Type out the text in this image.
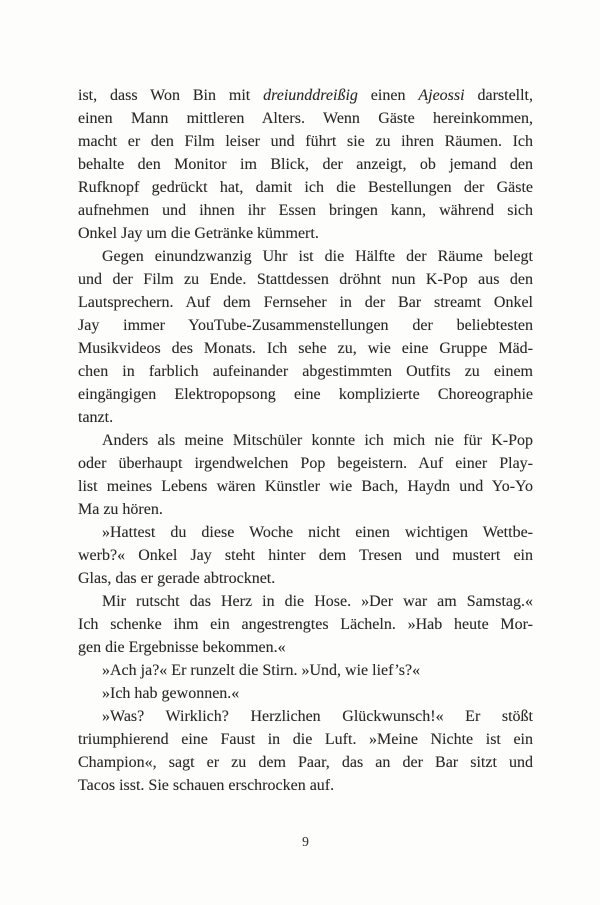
ist, dass Won Bin mit dreiunddreißig einen Ajeossi darstellt,
einen Mann mittleren Alters. Wenn Gäste hereinkommen,
macht er den Film leiser und führt sie zu ihren Räumen. Ich
behalte den Monitor im Blick, der anzeigt, ob jemand den
Rufknopf gedrückt hat, damit ich die Bestellungen der Gäste
aufnehmen und ihnen ihr Essen bringen kann, während sich
Onkel Jay um die Getränke kümmert.
Gegen einundzwanzig Uhr ist die Hälfte der Räume belegt
und der Film zu Ende. Stattdessen dröhnt nun K-Pop aus den
Lautsprechern. Auf dem Fernseher in der Bar streamt Onkel
Jay immer YouTube-Zusammenstellungen der beliebtesten
Musikvideos des Monats. Ich sehe zu, wie eine Gruppe Mäd-
chen in farblich aufeinander abgestimmten Outfits zu einem
eingängigen Elektropopsong eine komplizierte Choreographie
tanzt.
Anders als meine Mitschüler konnte ich mich nie für K-Pop
oder überhaupt irgendwelchen Pop begeistern. Auf einer Play-
list meines Lebens wären Künstler wie Bach, Haydn und Yo-Yo
Ma zu hören.
»Hattest du diese Woche nicht einen wichtigen Wettbe-
werb?« Onkel Jay steht hinter dem Tresen und mustert ein
Glas, das er gerade abtrocknet.
Mir rutscht das Herz in die Hose. »Der war am Samstag.«
Ich schenke ihm ein angestrengtes Lächeln. »Hab heute Mor-
gen die Ergebnisse bekommen.«
»Ach ja?« Er runzelt die Stirn. »Und, wie lief’s?«
»Ich hab gewonnen.«
»Was? Wirklich? Herzlichen Glückwunsch!« Er stößt
triumphierend eine Faust in die Luft. »Meine Nichte ist ein
Champion«, sagt er zu dem Paar, das an der Bar sitzt und
Tacos isst. Sie schauen erschrocken auf.
9
